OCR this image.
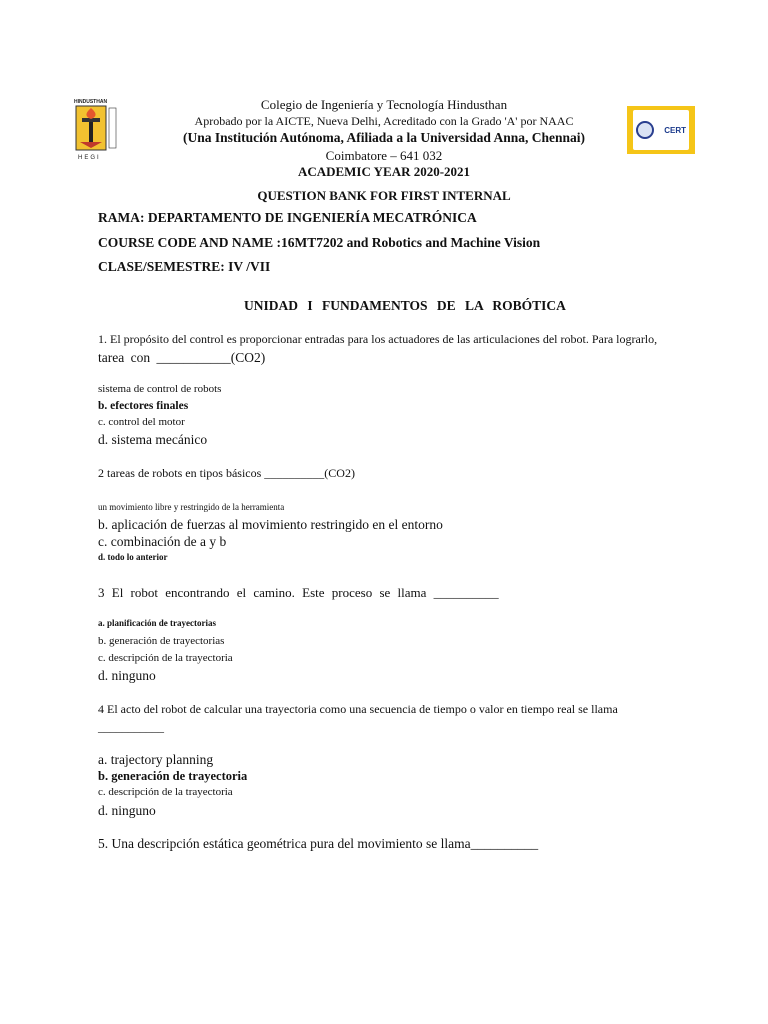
HINDUSTHAN
HEGI
CERT
Colegio de Ingeniería y Tecnología Hindusthan
Aprobado por la AICTE, Nueva Delhi, Acreditado con la Grado 'A' por NAAC
(Una Institución Autónoma, Afiliada a la Universidad Anna, Chennai)
Coimbatore – 641 032
ACADEMIC YEAR 2020-2021
QUESTION BANK FOR FIRST INTERNAL
RAMA: DEPARTAMENTO DE INGENIERÍA MECATRÓNICA
COURSE CODE AND NAME :16MT7202 and Robotics and Machine Vision
CLASE/SEMESTRE: IV /VII
UNIDAD I FUNDAMENTOS DE LA ROBÓTICA
1. El propósito del control es proporcionar entradas para los actuadores de las articulaciones del robot. Para lograrlo,
tarea con ___________(CO2)
sistema de control de robots
b. efectores finales
c. control del motor
d. sistema mecánico
2 tareas de robots en tipos básicos __________(CO2)
un movimiento libre y restringido de la herramienta
b. aplicación de fuerzas al movimiento restringido en el entorno
c. combinación de a y b
d. todo lo anterior
3 El robot encontrando el camino. Este proceso se llama __________
a. planificación de trayectorias
b. generación de trayectorias
c. descripción de la trayectoria
d. ninguno
4 El acto del robot de calcular una trayectoria como una secuencia de tiempo o valor en tiempo real se llama
___________
a. trajectory planning
b. generación de trayectoria
c. descripción de la trayectoria
d. ninguno
5. Una descripción estática geométrica pura del movimiento se llama__________
